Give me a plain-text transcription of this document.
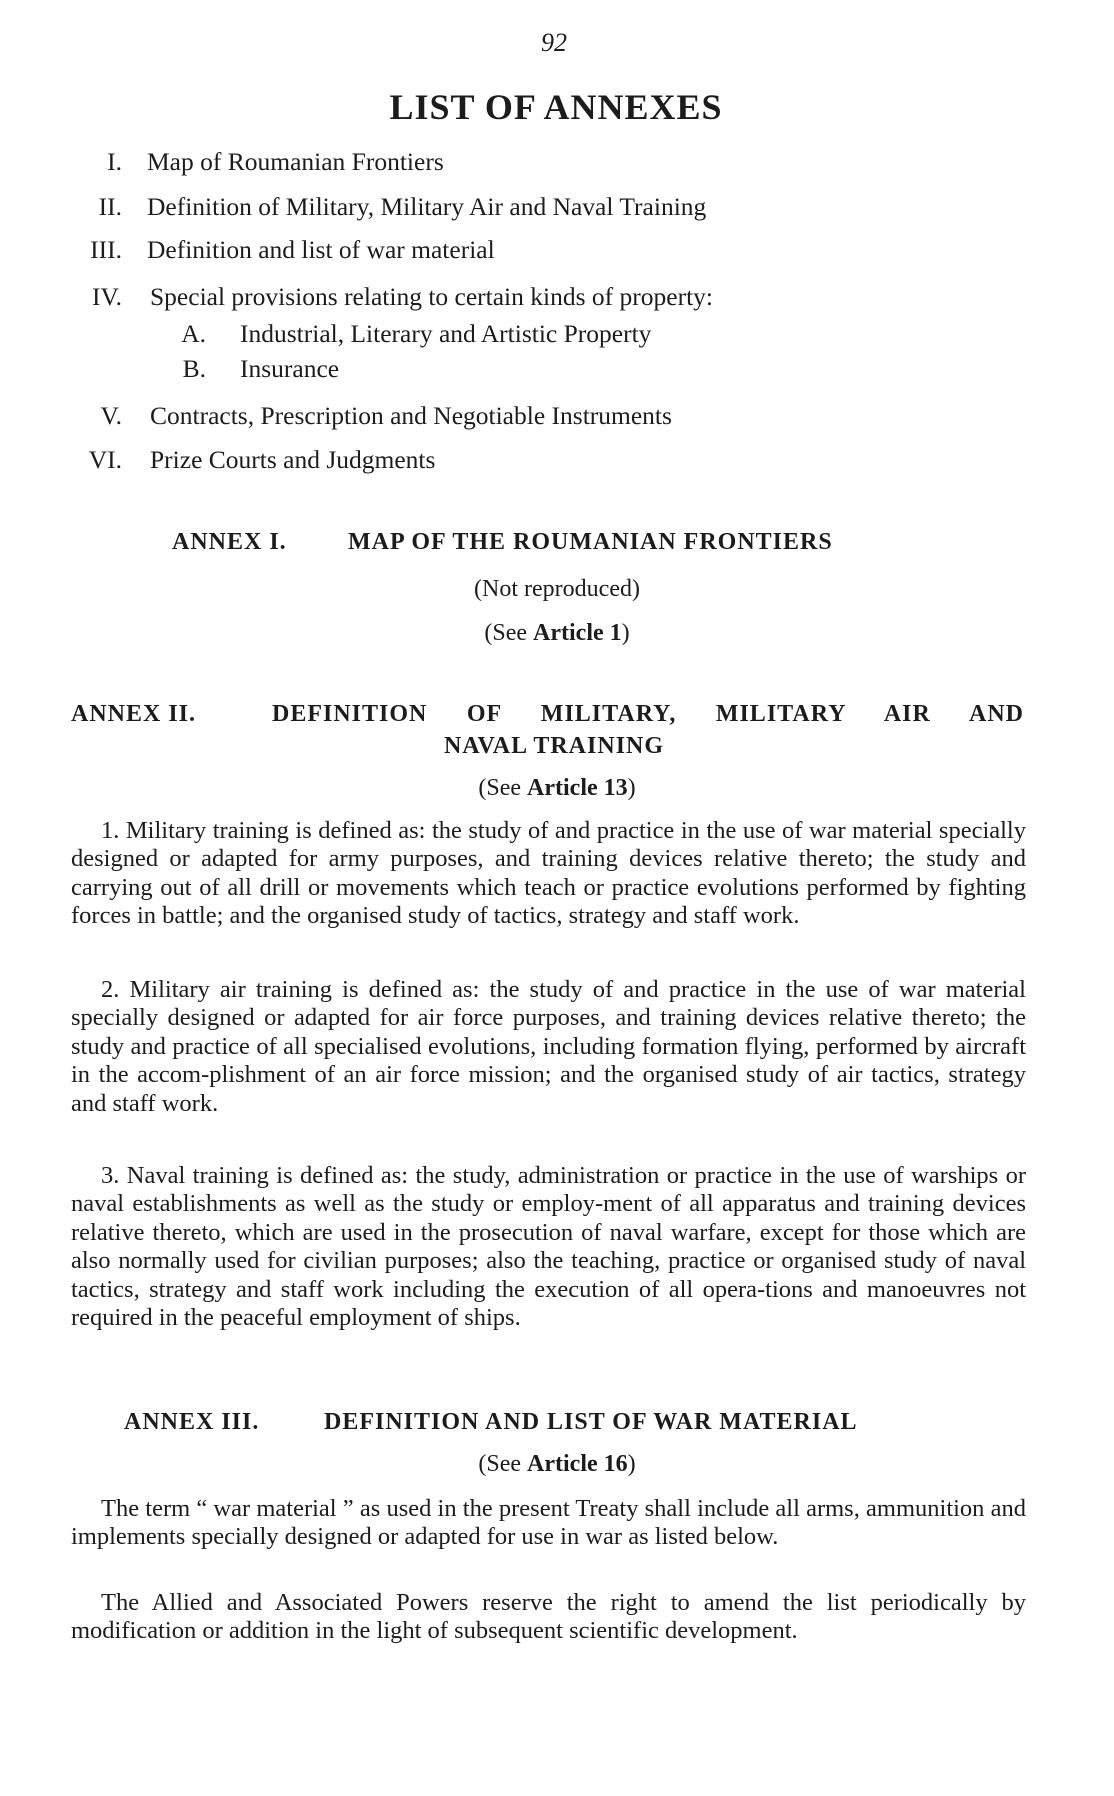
92
LIST OF ANNEXES
I. Map of Roumanian Frontiers
II. Definition of Military, Military Air and Naval Training
III. Definition and list of war material
IV. Special provisions relating to certain kinds of property:
A. Industrial, Literary and Artistic Property
B. Insurance
V. Contracts, Prescription and Negotiable Instruments
VI. Prize Courts and Judgments
ANNEX I.	MAP OF THE ROUMANIAN FRONTIERS
(Not reproduced)
(See Article 1)
ANNEX II.	DEFINITION OF MILITARY, MILITARY AIR AND
NAVAL TRAINING
(See Article 13)
1. Military training is defined as: the study of and practice in the use of war material specially designed or adapted for army purposes, and training devices relative thereto; the study and carrying out of all drill or movements which teach or practice evolutions performed by fighting forces in battle; and the organised study of tactics, strategy and staff work.
2. Military air training is defined as: the study of and practice in the use of war material specially designed or adapted for air force purposes, and training devices relative thereto; the study and practice of all specialised evolutions, including formation flying, performed by aircraft in the accom-plishment of an air force mission; and the organised study of air tactics, strategy and staff work.
3. Naval training is defined as: the study, administration or practice in the use of warships or naval establishments as well as the study or employ-ment of all apparatus and training devices relative thereto, which are used in the prosecution of naval warfare, except for those which are also normally used for civilian purposes; also the teaching, practice or organised study of naval tactics, strategy and staff work including the execution of all opera-tions and manoeuvres not required in the peaceful employment of ships.
ANNEX III.	DEFINITION AND LIST OF WAR MATERIAL
(See Article 16)
The term “ war material ” as used in the present Treaty shall include all arms, ammunition and implements specially designed or adapted for use in war as listed below.
The Allied and Associated Powers reserve the right to amend the list periodically by modification or addition in the light of subsequent scientific development.
